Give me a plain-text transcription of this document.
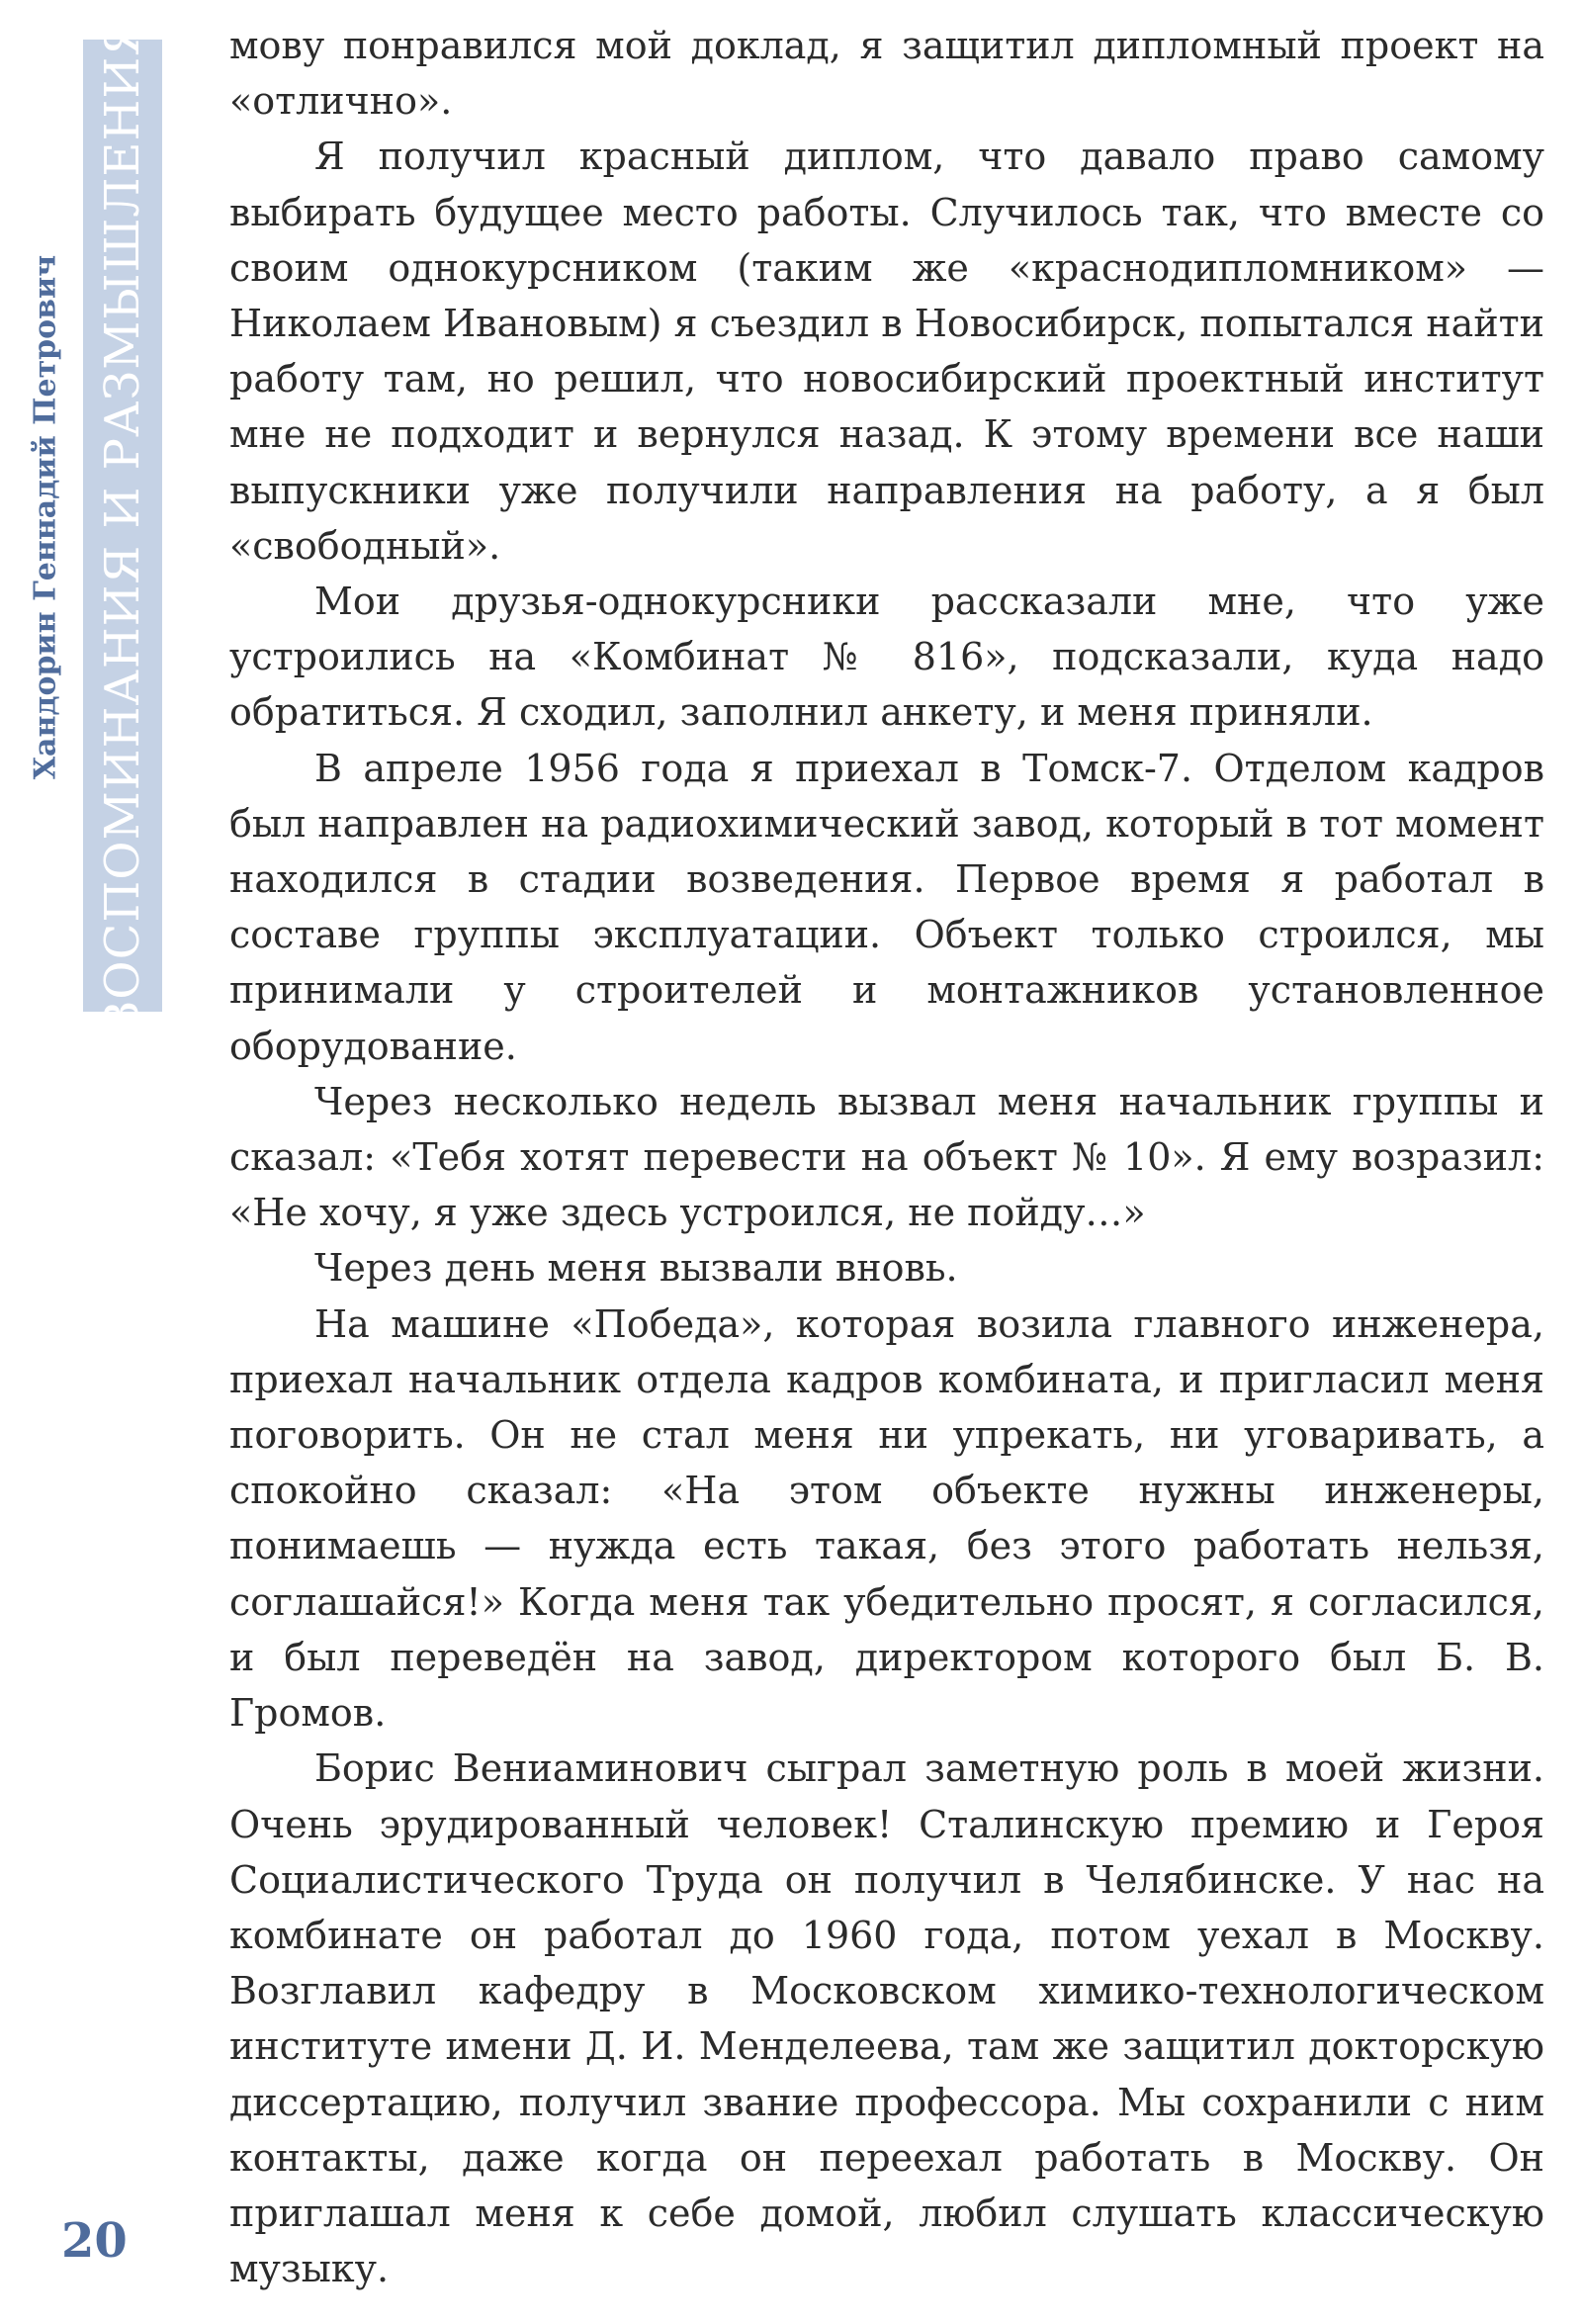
ВОСПОМИНАНИЯ И РАЗМЫШЛЕНИЯ
Хандорин Геннадий Петрович
20

мову понравился мой доклад, я защитил дипломный проект на «отлично».

Я получил красный диплом, что давало право самому выбирать будущее место работы. Случилось так, что вместе со своим однокурсником (таким же «краснодипломником» — Николаем Ивановым) я съездил в Новосибирск, попытался найти работу там, но решил, что новосибирский проектный институт мне не подходит и вернулся назад. К этому времени все наши выпускники уже получили направления на работу, а я был «свободный».

Мои друзья-однокурсники рассказали мне, что уже устроились на «Комбинат № 816», подсказали, куда надо обратиться. Я сходил, заполнил анкету, и меня приняли.

В апреле 1956 года я приехал в Томск-7. Отделом кадров был направлен на радиохимический завод, который в тот момент находился в стадии возведения. Первое время я работал в составе группы эксплуатации. Объект только строился, мы принимали у строителей и монтажников установленное оборудование.

Через несколько недель вызвал меня начальник группы и сказал: «Тебя хотят перевести на объект № 10». Я ему возразил: «Не хочу, я уже здесь устроился, не пойду…»

Через день меня вызвали вновь.

На машине «Победа», которая возила главного инженера, приехал начальник отдела кадров комбината, и пригласил меня поговорить. Он не стал меня ни упрекать, ни уговаривать, а спокойно сказал: «На этом объекте нужны инженеры, понимаешь — нужда есть такая, без этого работать нельзя, соглашайся!» Когда меня так убедительно просят, я согласился, и был переведён на завод, директором которого был Б. В. Громов.

Борис Вениаминович сыграл заметную роль в моей жизни. Очень эрудированный человек! Сталинскую премию и Героя Социалистического Труда он получил в Челябинске. У нас на комбинате он работал до 1960 года, потом уехал в Москву. Возглавил кафедру в Московском химико-технологическом институте имени Д. И. Менделеева, там же защитил докторскую диссертацию, получил звание профессора. Мы сохранили с ним контакты, даже когда он переехал работать в Москву. Он приглашал меня к себе домой, любил слушать классическую музыку.
